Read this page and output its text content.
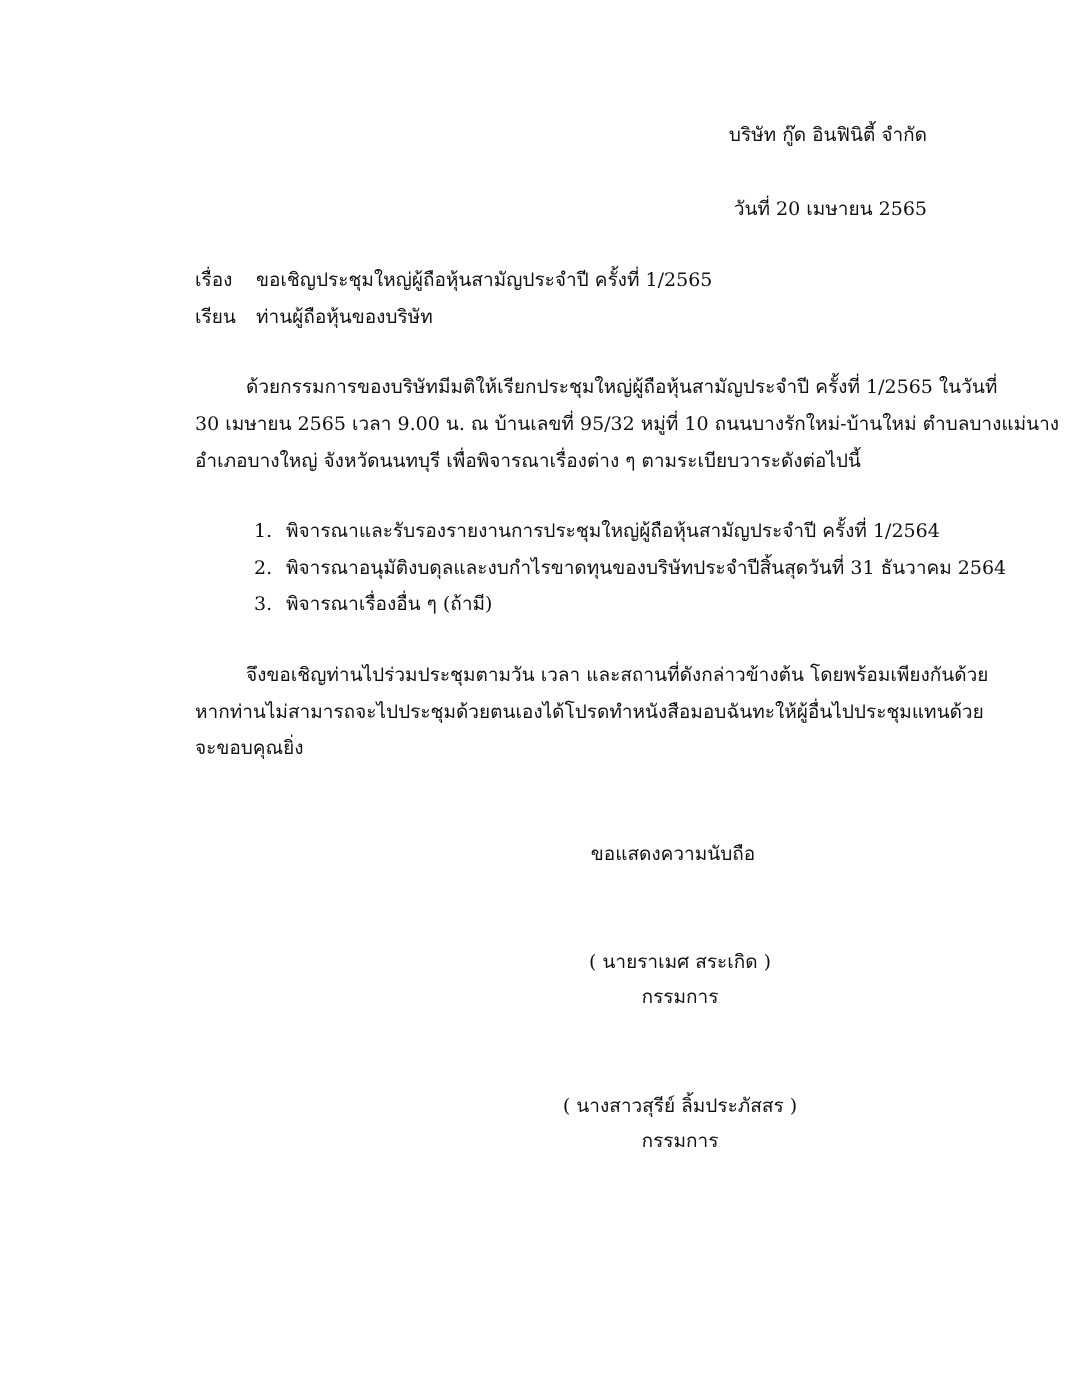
บริษัท กู๊ด อินฟินิตี้ จำกัด
วันที่ 20 เมษายน 2565
เรื่อง ขอเชิญประชุมใหญ่ผู้ถือหุ้นสามัญประจำปี ครั้งที่ 1/2565
เรียน ท่านผู้ถือหุ้นของบริษัท
ด้วยกรรมการของบริษัทมีมติให้เรียกประชุมใหญ่ผู้ถือหุ้นสามัญประจำปี ครั้งที่ 1/2565 ในวันที่
30 เมษายน 2565 เวลา 9.00 น. ณ บ้านเลขที่ 95/32 หมู่ที่ 10 ถนนบางรักใหม่-บ้านใหม่ ตำบลบางแม่นาง
อำเภอบางใหญ่ จังหวัดนนทบุรี เพื่อพิจารณาเรื่องต่าง ๆ ตามระเบียบวาระดังต่อไปนี้
1. พิจารณาและรับรองรายงานการประชุมใหญ่ผู้ถือหุ้นสามัญประจำปี ครั้งที่ 1/2564
2. พิจารณาอนุมัติงบดุลและงบกำไรขาดทุนของบริษัทประจำปีสิ้นสุดวันที่ 31 ธันวาคม 2564
3. พิจารณาเรื่องอื่น ๆ (ถ้ามี)
จึงขอเชิญท่านไปร่วมประชุมตามวัน เวลา และสถานที่ดังกล่าวข้างต้น โดยพร้อมเพียงกันด้วย
หากท่านไม่สามารถจะไปประชุมด้วยตนเองได้โปรดทำหนังสือมอบฉันทะให้ผู้อื่นไปประชุมแทนด้วย
จะขอบคุณยิ่ง
ขอแสดงความนับถือ
( นายราเมศ สระเกิด )
กรรมการ
( นางสาวสุรีย์ ลิ้มประภัสสร )
กรรมการ
